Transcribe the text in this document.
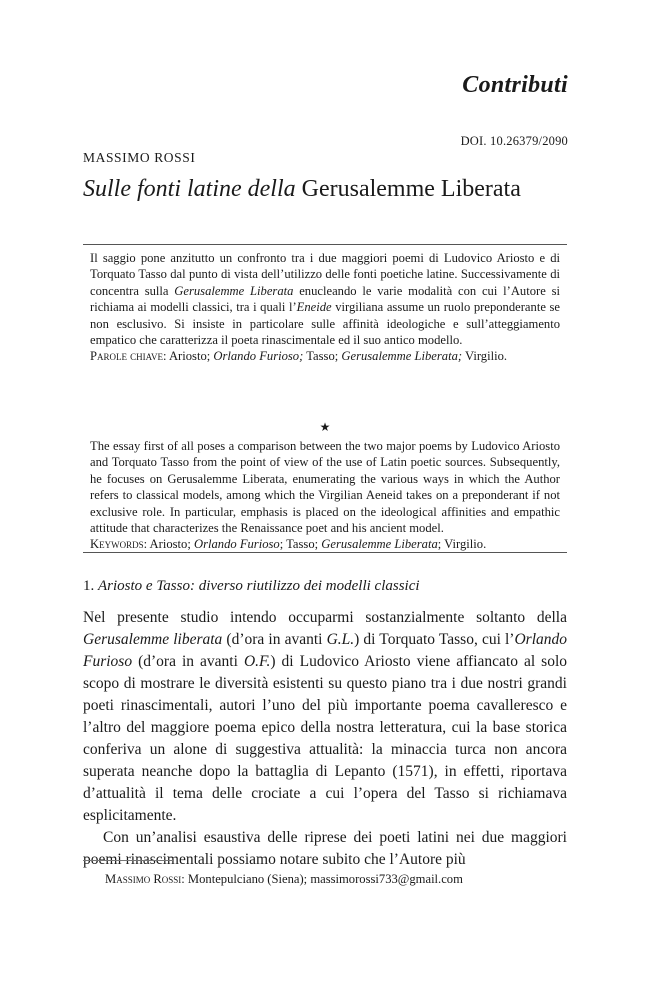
Contributi
DOI. 10.26379/2090
MASSIMO ROSSI
Sulle fonti latine della Gerusalemme Liberata

Il saggio pone anzitutto un confronto tra i due maggiori poemi di Ludovico Ariosto e di Torquato Tasso dal punto di vista dell’utilizzo delle fonti poetiche latine. Successivamente di concentra sulla Gerusalemme Liberata enucleando le varie modalità con cui l’Autore si richiama ai modelli classici, tra i quali l’Eneide virgiliana assume un ruolo preponderante se non esclusivo. Si insiste in particolare sulle affinità ideologiche e sull’atteggiamento empatico che caratterizza il poeta rinascimentale ed il suo antico modello.

Parole chiave: Ariosto; Orlando Furioso; Tasso; Gerusalemme Liberata; Virgilio.

★

The essay first of all poses a comparison between the two major poems by Ludovico Ariosto and Torquato Tasso from the point of view of the use of Latin poetic sources. Subsequently, he focuses on Gerusalemme Liberata, enumerating the various ways in which the Author refers to classical models, among which the Virgilian Aeneid takes on a preponderant if not exclusive role. In particular, emphasis is placed on the ideological affinities and empathic attitude that characterizes the Renaissance poet and his ancient model.

Keywords: Ariosto; Orlando Furioso; Tasso; Gerusalemme Liberata; Virgilio.

1. Ariosto e Tasso: diverso riutilizzo dei modelli classici

Nel presente studio intendo occuparmi sostanzialmente soltanto della Gerusalemme liberata (d’ora in avanti G.L.) di Torquato Tasso, cui l’Orlando Furioso (d’ora in avanti O.F.) di Ludovico Ariosto viene affiancato al solo scopo di mostrare le diversità esistenti su questo piano tra i due nostri grandi poeti rinascimentali, autori l’uno del più importante poema cavalleresco e l’altro del maggiore poema epico della nostra letteratura, cui la base storica conferiva un alone di suggestiva attualità: la minaccia turca non ancora superata neanche dopo la battaglia di Lepanto (1571), in effetti, riportava d’attualità il tema delle crociate a cui l’opera del Tasso si richiamava esplicitamente.

Con un’analisi esaustiva delle riprese dei poeti latini nei due maggiori poemi rinascimentali possiamo notare subito che l’Autore più

Massimo Rossi: Montepulciano (Siena); massimorossi733@gmail.com
